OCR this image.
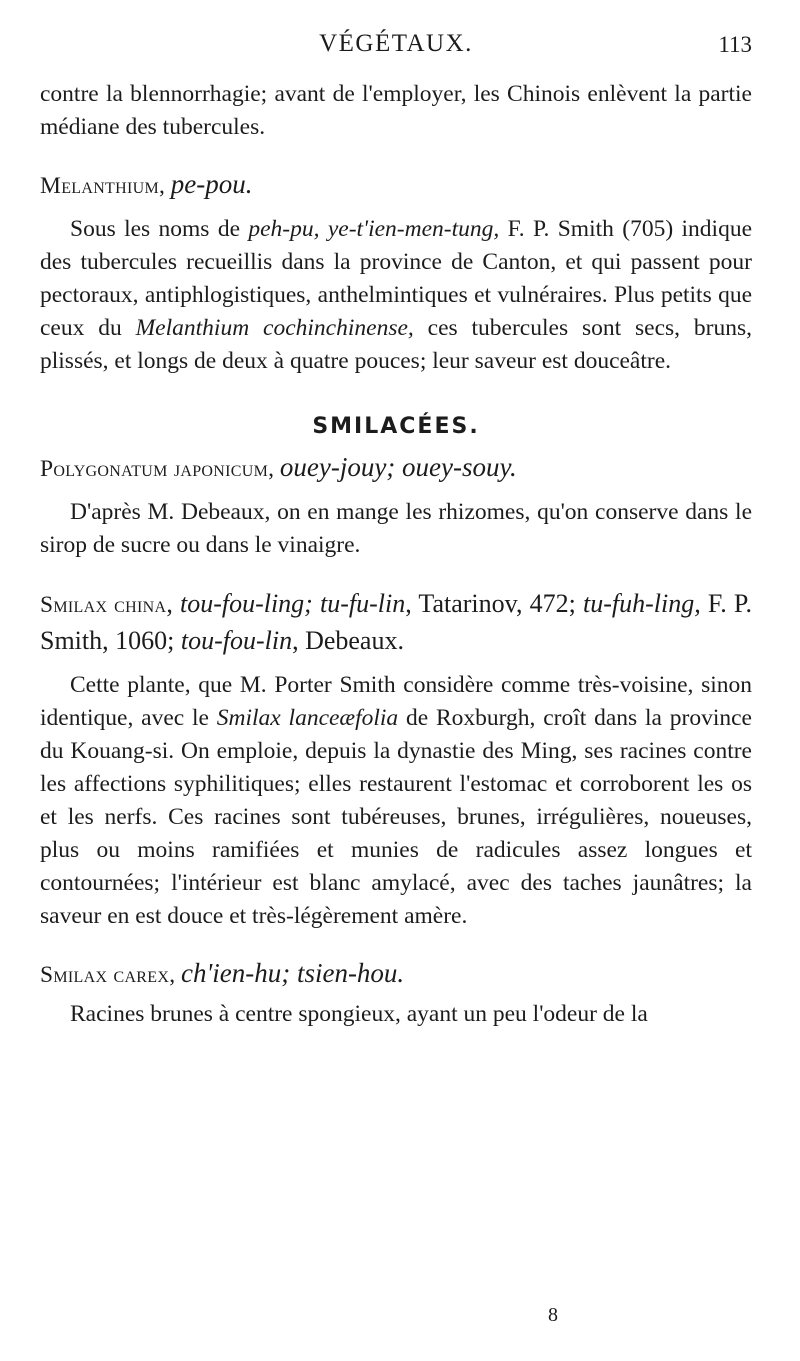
VÉGÉTAUX.	113

contre la blennorrhagie; avant de l'employer, les Chinois enlèvent la partie médiane des tubercules.

Melanthium, pe-pou.

Sous les noms de peh-pu, ye-t'ien-men-tung, F. P. Smith (705) indique des tubercules recueillis dans la province de Canton, et qui passent pour pectoraux, antiphlogistiques, anthelmintiques et vulnéraires. Plus petits que ceux du Melanthium cochinchinense, ces tubercules sont secs, bruns, plissés, et longs de deux à quatre pouces; leur saveur est douceâtre.

SMILACÉES.
Polygonatum japonicum, ouey-jouy; ouey-souy.

D'après M. Debeaux, on en mange les rhizomes, qu'on conserve dans le sirop de sucre ou dans le vinaigre.

Smilax china, tou-fou-ling; tu-fu-lin, Tatarinov, 472; tu-fuh-ling, F. P. Smith, 1060; tou-fou-lin, Debeaux.

Cette plante, que M. Porter Smith considère comme très-voisine, sinon identique, avec le Smilax lanceæfolia de Roxburgh, croît dans la province du Kouang-si. On emploie, depuis la dynastie des Ming, ses racines contre les affections syphilitiques; elles restaurent l'estomac et corroborent les os et les nerfs. Ces racines sont tubéreuses, brunes, irrégulières, noueuses, plus ou moins ramifiées et munies de radicules assez longues et contournées; l'intérieur est blanc amylacé, avec des taches jaunâtres; la saveur en est douce et très-légèrement amère.

Smilax carex, ch'ien-hu; tsien-hou.

Racines brunes à centre spongieux, ayant un peu l'odeur de la

8
